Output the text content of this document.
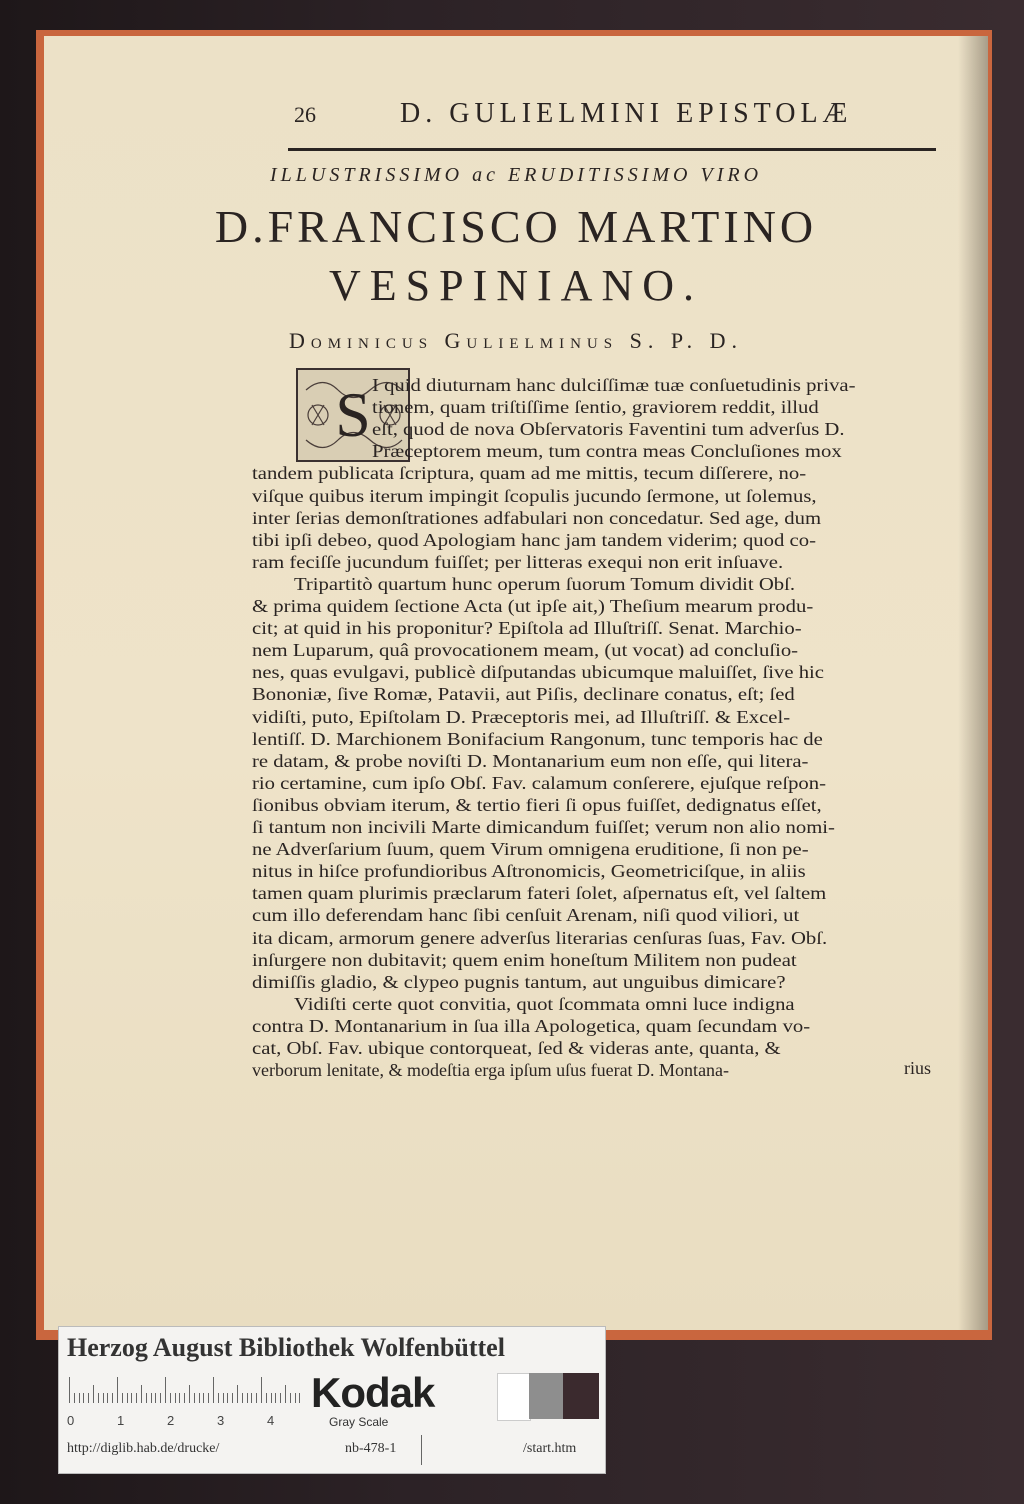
26	D. GULIELMINI EPISTOLÆ
ILLUSTRISSIMO ac ERUDITISSIMO VIRO
D.FRANCISCO MARTINO
VESPINIANO.
Dominicus Gulielminus S. P. D.
S I quid diuturnam hanc dulciſſimæ tuæ conſuetudinis priva-
tionem, quam triſtiſſime ſentio, graviorem reddit, illud
eſt, quod de nova Obſervatoris Faventini tum adverſus D.
Præceptorem meum, tum contra meas Concluſiones mox
tandem publicata ſcriptura, quam ad me mittis, tecum diſſerere, no-
viſque quibus iterum impingit ſcopulis jucundo ſermone, ut ſolemus,
inter ſerias demonſtrationes adfabulari non concedatur. Sed age, dum
tibi ipſi debeo, quod Apologiam hanc jam tandem viderim; quod co-
ram feciſſe jucundum fuiſſet; per litteras exequi non erit inſuave.
Tripartitò quartum hunc operum ſuorum Tomum dividit Obſ.
& prima quidem ſectione Acta (ut ipſe ait,) Theſium mearum produ-
cit; at quid in his proponitur? Epiſtola ad Illuſtriſſ. Senat. Marchio-
nem Luparum, quâ provocationem meam, (ut vocat) ad concluſio-
nes, quas evulgavi, publicè diſputandas ubicumque maluiſſet, ſive hic
Bononiæ, ſive Romæ, Patavii, aut Piſis, declinare conatus, eſt; ſed
vidiſti, puto, Epiſtolam D. Præceptoris mei, ad Illuſtriſſ. & Excel-
lentiſſ. D. Marchionem Bonifacium Rangonum, tunc temporis hac de
re datam, & probe noviſti D. Montanarium eum non eſſe, qui litera-
rio certamine, cum ipſo Obſ. Fav. calamum conſerere, ejuſque reſpon-
ſionibus obviam iterum, & tertio fieri ſi opus fuiſſet, dedignatus eſſet,
ſi tantum non incivili Marte dimicandum fuiſſet; verum non alio nomi-
ne Adverſarium ſuum, quem Virum omnigena eruditione, ſi non pe-
nitus in hiſce profundioribus Aſtronomicis, Geometriciſque, in aliis
tamen quam plurimis præclarum fateri ſolet, aſpernatus eſt, vel ſaltem
cum illo deferendam hanc ſibi cenſuit Arenam, niſi quod viliori, ut
ita dicam, armorum genere adverſus literarias cenſuras ſuas, Fav. Obſ.
inſurgere non dubitavit; quem enim honeſtum Militem non pudeat
dimiſſis gladio, & clypeo pugnis tantum, aut unguibus dimicare?
Vidiſti certe quot convitia, quot ſcommata omni luce indigna
contra D. Montanarium in ſua illa Apologetica, quam ſecundam vo-
cat, Obſ. Fav. ubique contorqueat, ſed & videras ante, quanta, &
verborum lenitate, & modeſtia erga ipſum uſus fuerat D. Montana-	rius
Herzog August Bibliothek Wolfenbüttel
0	1	2	3	4
Kodak
Gray Scale
http://diglib.hab.de/drucke/	nb-478-1	/start.htm
